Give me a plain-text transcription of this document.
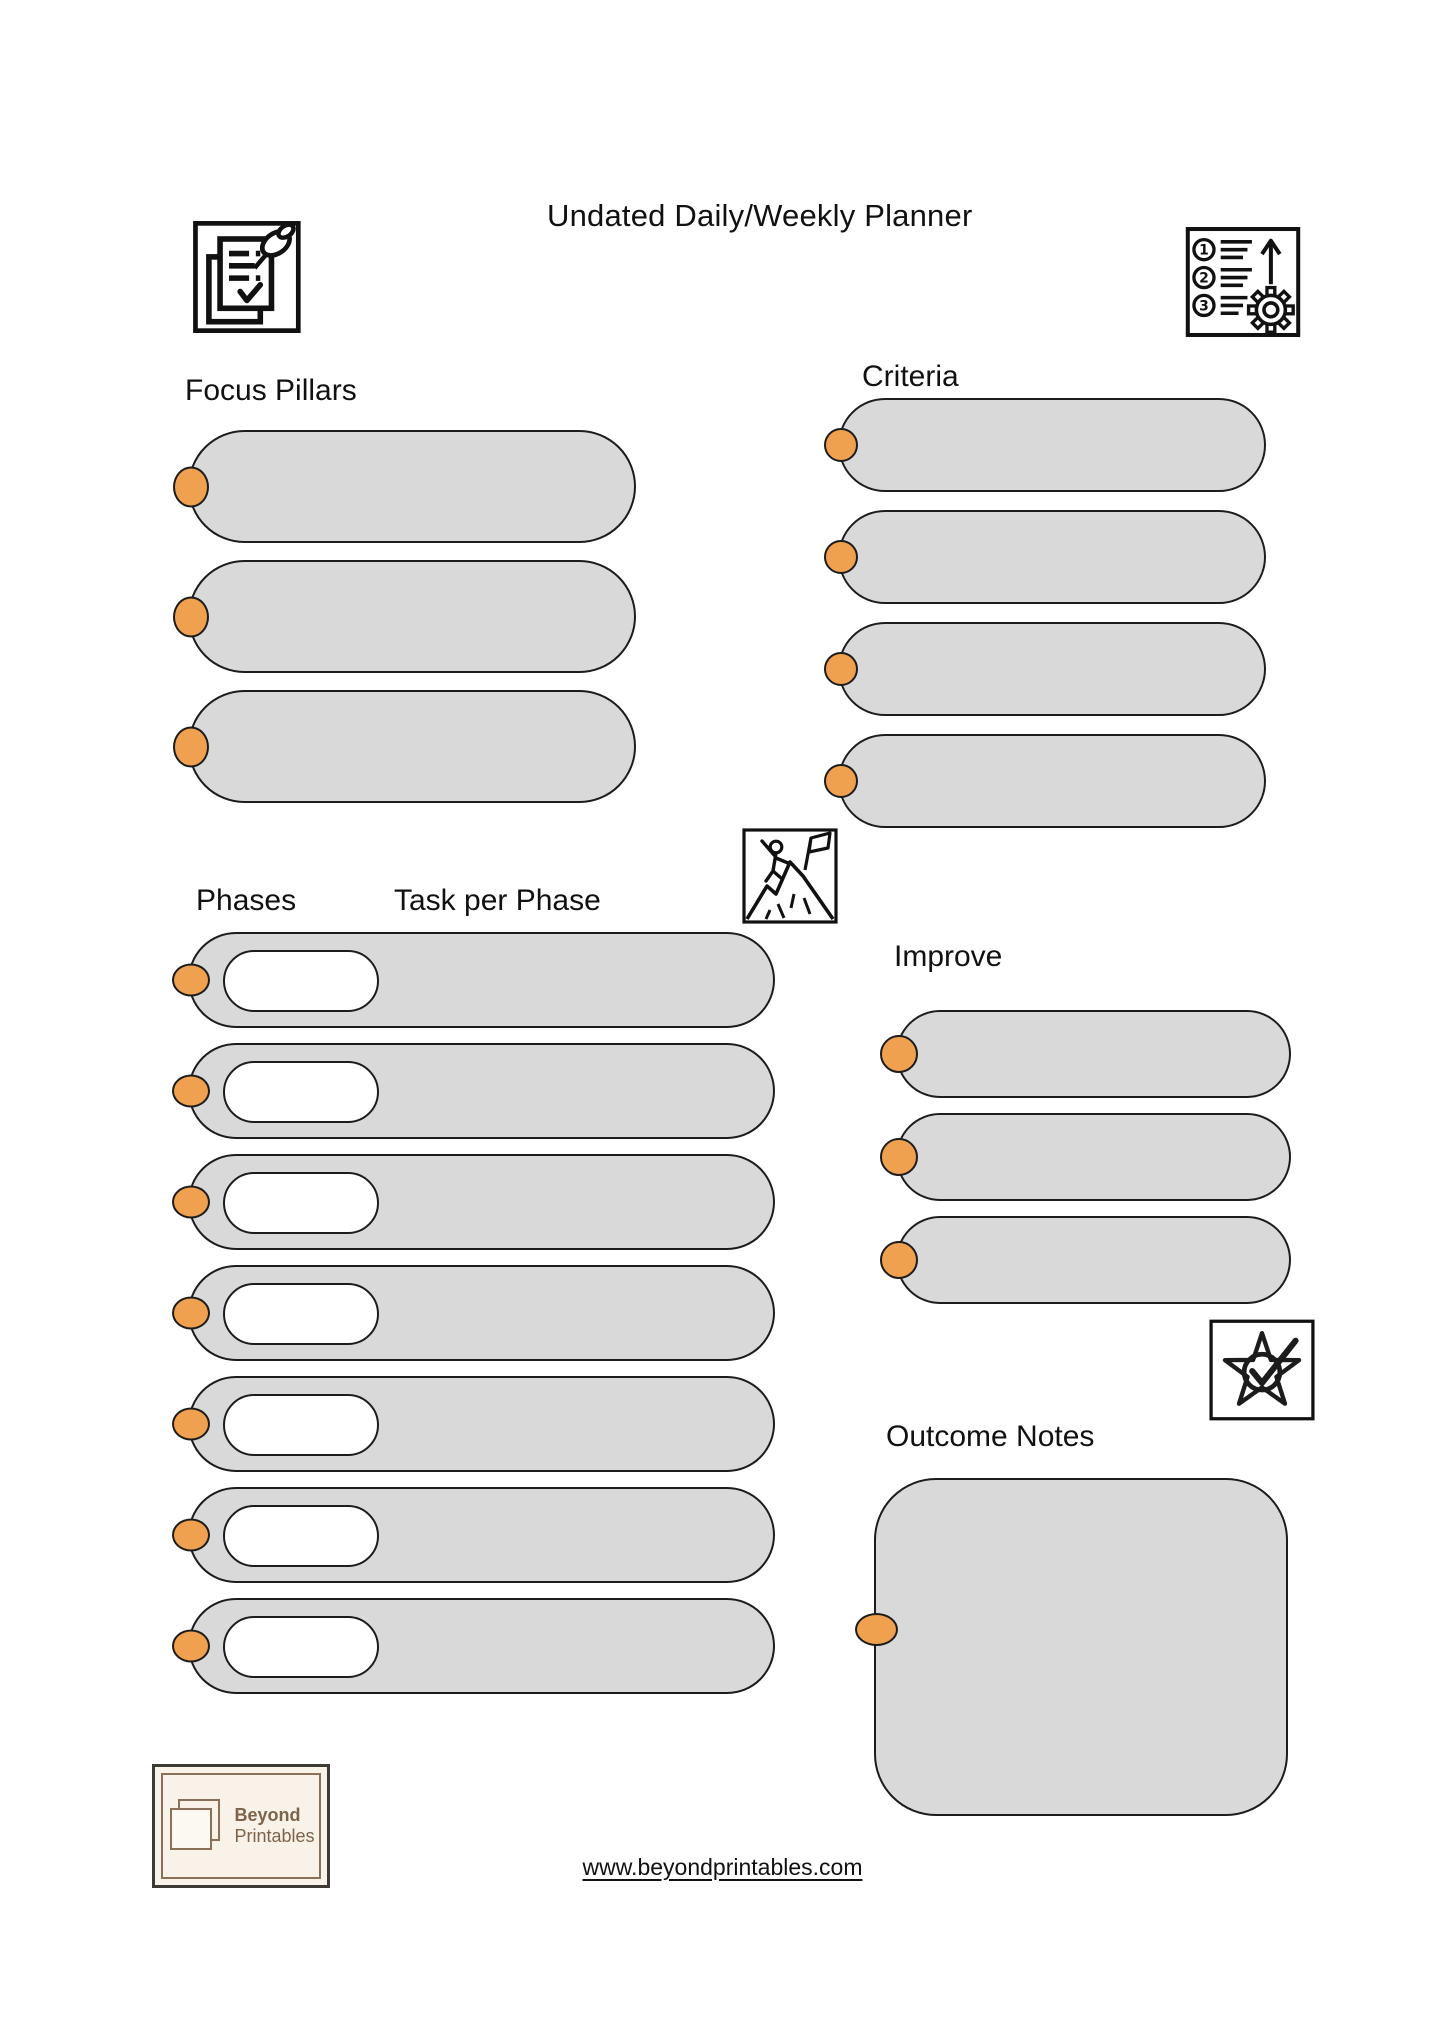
Undated Daily/Weekly Planner
1
2
3
Focus Pillars	Criteria
Phases	Task per Phase
Improve
Outcome Notes
Beyond
Printables
www.beyondprintables.com
